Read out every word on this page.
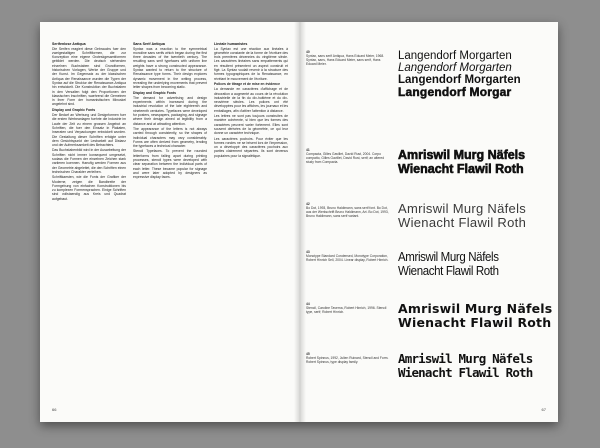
Serifenlose Antiqua

Die Serifen reagiert diese Gebrauchs fuer den zweigestaltigen Schriftformen, die zur Konzeption eine eigene Groteskgesamtformen gebildet werden. Die deutsch stehenden einzelnen Buchstaben sind Grundformen, historischen Vorlagen, Werke der Gruppe und der Kunst. Im Gegensatz zu der klassischen Antiqua der Renaissance wurden die Typen der Syntax auf die Struktur der Renaissance-Antiqua hin entwickelt. Die Konstruktion der Buchstaben in den Versalien folgt den Proportionen der klassischen Inschriften, waehrend die Gemeinen in ihrer Form der humanistischen Minuskel angelehnt sind.

Display und Graphic Fonts

Der Bedarf an Werbung und Designformen fuer die ersten Werbeanlagen fuehrte die Industrie im Laufe der Zeit zu einem grossen Angebot an Schriften, die fuer den Einsatz in Plakaten, Inseraten und Verpackungen entwickelt wurden. Die Gestaltung dieser Schriften erfolgte unter dem Gesichtspunkt der Lesbarkeit auf Distanz und der Aufmerksamkeit des Betrachters.

Das Buchstabenbild wird in der Ausarbeitung der Schriften nicht immer konsequent umgesetzt, sodass die Formen der einzelnen Zeichen stark variieren koennen. Haeufig werden Formen aus der Geometrie abgeleitet, die den Schriften einen technischen Charakter verleihen.

Schriftkaesten, wie die Fonts der Grafiker der Moderne, zeigen die Bandbreite der Formgebung von einfachen Konstruktionen bis zu komplexen Formensprachen. Einige Schriften sind vollstaendig aus Kreis und Quadrat aufgebaut.

Sans Serif Antiqua

Syntax was a reaction to the symmetrical monoline sans serifs which began during the first three decades of the twentieth century. The resulting sans serif typefaces with uniform line weights have a strong constructed appearance. Syntax wanted to return to the structure of Renaissance type forms. Their design explores dynamic movement in the writing process, revealing the underlying movements that prevent letter shapes from becoming static.

Display and Graphic Fonts

The demand for advertising and design experiments within increased during the industrial revolution of the late eighteenth and nineteenth centuries. Typefaces were developed for posters, newspapers, packaging, and signage where their design aimed at legibility from a distance and at attracting attention.

The appearance of the letters is not always carried through consistently, so the shapes of individual characters may vary considerably. Forms are often derived from geometry, lending the typefaces a technical character.

Stencil Typefaces. To prevent the rounded letterforms from falling apart during printing processes, stencil types were developed with clear separation between the individual parts of each letter. These became popular for signage and were later adopted by designers as expressive display faces.

Linéale humanistes

La Syntax est une réaction aux linéales à géométrie constante de la forme de l'écriture des trois premières décennies du vingtième siècle. Les caractères linéaires sans empattements qui en résultent présentent un aspect construit et figé. La Syntax voulait revenir à la structure des formes typographiques de la Renaissance, en révélant le mouvement de l'écriture.

Polices de titrage et de mise en évidence

La demande en caractères d'affichage et de décoration a augmenté au cours de la révolution industrielle de la fin du dix-huitième et du dix-neuvième siècles. Les polices ont été développées pour les affiches, les journaux et les emballages, afin d'attirer l'attention à distance.

Les lettres ne sont pas toujours construites de manière cohérente, si bien que les formes des caractères peuvent varier fortement. Elles sont souvent dérivées de la géométrie, ce qui leur donne un caractère technique.

Les caractères pochoirs. Pour éviter que les formes rondes ne se brisent lors de l'impression, on a développé des caractères pochoirs aux parties clairement séparées. Ils sont devenus populaires pour la signalétique.

66
40
Syntax, sans serif Antiqua, Hans Eduard Meier, 1968. Syntax, sans, Hans Eduard Meier, sans serif, Hans Eduard Meier.
Langendorf Morgarten
Langendorf Morgarten
Langendorf Morgarten
Langendorf Morgar
41
Compacta, Gilles Gavillet, David Rust, 2004. Corpo compatto, Gilles Gavillet, David Rust, serif; an altered study from Compacta.
Amriswil Murg Näfels
Wienacht Flawil Roth
42
Bo Dot, 1993, Bruno Haldimann, sans serif font. Bo Dot, aus der Werkschrift Bruno Haldimann, Art. Bo Dot, 1993, Bruno Haldimann, sans serif variant.
Amriswil Murg Näfels
Wienacht Flawil Roth
43
Monotype Standard Condensed, Monotype Corporation, Robert Hinrich Sell, 2004. Linear display, Robert Hinrich. Amriswil Murg Näfels
Wienacht Flawil Roth
44
Stencil, Caroline Taverna, Robert Hinrich, 1996. Stencil type, serif; Robert Hinrich.	Amriswil Murg Näfels
Wienacht Flawil Roth
45
Robert Spinnus, 1992, Julien Ruinard, Stencil and Form. Robert Spinnus, type display family.	Amriswil Murg Näfels
Wienacht Flawil Roth
67
